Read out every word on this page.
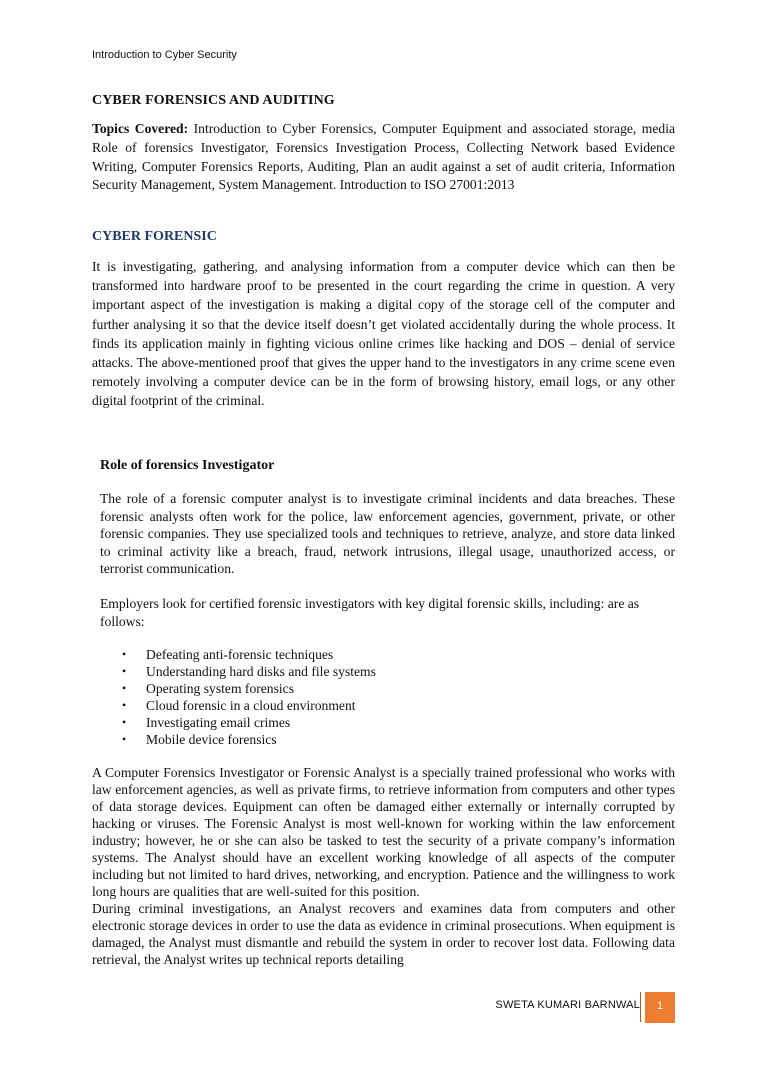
Introduction to Cyber Security
CYBER FORENSICS AND AUDITING
Topics Covered: Introduction to Cyber Forensics, Computer Equipment and associated storage, media Role of forensics Investigator, Forensics Investigation Process, Collecting Network based Evidence Writing, Computer Forensics Reports, Auditing, Plan an audit against a set of audit criteria, Information Security Management, System Management. Introduction to ISO 27001:2013
CYBER FORENSIC
It is investigating, gathering, and analysing information from a computer device which can then be transformed into hardware proof to be presented in the court regarding the crime in question. A very important aspect of the investigation is making a digital copy of the storage cell of the computer and further analysing it so that the device itself doesn’t get violated accidentally during the whole process. It finds its application mainly in fighting vicious online crimes like hacking and DOS – denial of service attacks. The above-mentioned proof that gives the upper hand to the investigators in any crime scene even remotely involving a computer device can be in the form of browsing history, email logs, or any other digital footprint of the criminal.
Role of forensics Investigator
The role of a forensic computer analyst is to investigate criminal incidents and data breaches. These forensic analysts often work for the police, law enforcement agencies, government, private, or other forensic companies. They use specialized tools and techniques to retrieve, analyze, and store data linked to criminal activity like a breach, fraud, network intrusions, illegal usage, unauthorized access, or terrorist communication.
Employers look for certified forensic investigators with key digital forensic skills, including: are as follows:
• Defeating anti-forensic techniques
• Understanding hard disks and file systems
• Operating system forensics
• Cloud forensic in a cloud environment
• Investigating email crimes
• Mobile device forensics
A Computer Forensics Investigator or Forensic Analyst is a specially trained professional who works with law enforcement agencies, as well as private firms, to retrieve information from computers and other types of data storage devices. Equipment can often be damaged either externally or internally corrupted by hacking or viruses. The Forensic Analyst is most well-known for working within the law enforcement industry; however, he or she can also be tasked to test the security of a private company’s information systems. The Analyst should have an excellent working knowledge of all aspects of the computer including but not limited to hard drives, networking, and encryption. Patience and the willingness to work long hours are qualities that are well-suited for this position.
During criminal investigations, an Analyst recovers and examines data from computers and other electronic storage devices in order to use the data as evidence in criminal prosecutions. When equipment is damaged, the Analyst must dismantle and rebuild the system in order to recover lost data. Following data retrieval, the Analyst writes up technical reports detailing
SWETA KUMARI BARNWAL	1
